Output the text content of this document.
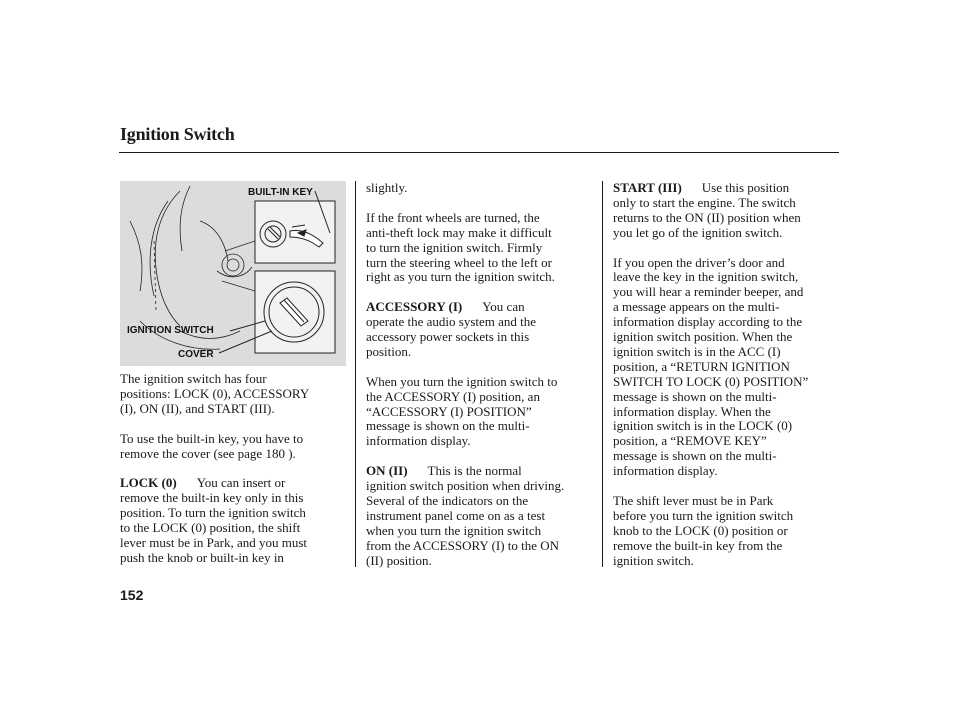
Ignition Switch
BUILT-IN KEY
IGNITION SWITCH
COVER

The ignition switch has four
positions: LOCK (0), ACCESSORY
(I), ON (II), and START (III).

To use the built-in key, you have to
remove the cover (see page 180 ).

LOCK (0) You can insert or
remove the built-in key only in this
position. To turn the ignition switch
to the LOCK (0) position, the shift
lever must be in Park, and you must
push the knob or built-in key in

slightly.

If the front wheels are turned, the
anti-theft lock may make it difficult
to turn the ignition switch. Firmly
turn the steering wheel to the left or
right as you turn the ignition switch.

ACCESSORY (I) You can
operate the audio system and the
accessory power sockets in this
position.

When you turn the ignition switch to
the ACCESSORY (I) position, an
“ACCESSORY (I) POSITION”
message is shown on the multi-
information display.

ON (II) This is the normal
ignition switch position when driving.
Several of the indicators on the
instrument panel come on as a test
when you turn the ignition switch
from the ACCESSORY (I) to the ON
(II) position.

START (III) Use this position
only to start the engine. The switch
returns to the ON (II) position when
you let go of the ignition switch.

If you open the driver’s door and
leave the key in the ignition switch,
you will hear a reminder beeper, and
a message appears on the multi-
information display according to the
ignition switch position. When the
ignition switch is in the ACC (I)
position, a “RETURN IGNITION
SWITCH TO LOCK (0) POSITION”
message is shown on the multi-
information display. When the
ignition switch is in the LOCK (0)
position, a “REMOVE KEY”
message is shown on the multi-
information display.

The shift lever must be in Park
before you turn the ignition switch
knob to the LOCK (0) position or
remove the built-in key from the
ignition switch.

152
